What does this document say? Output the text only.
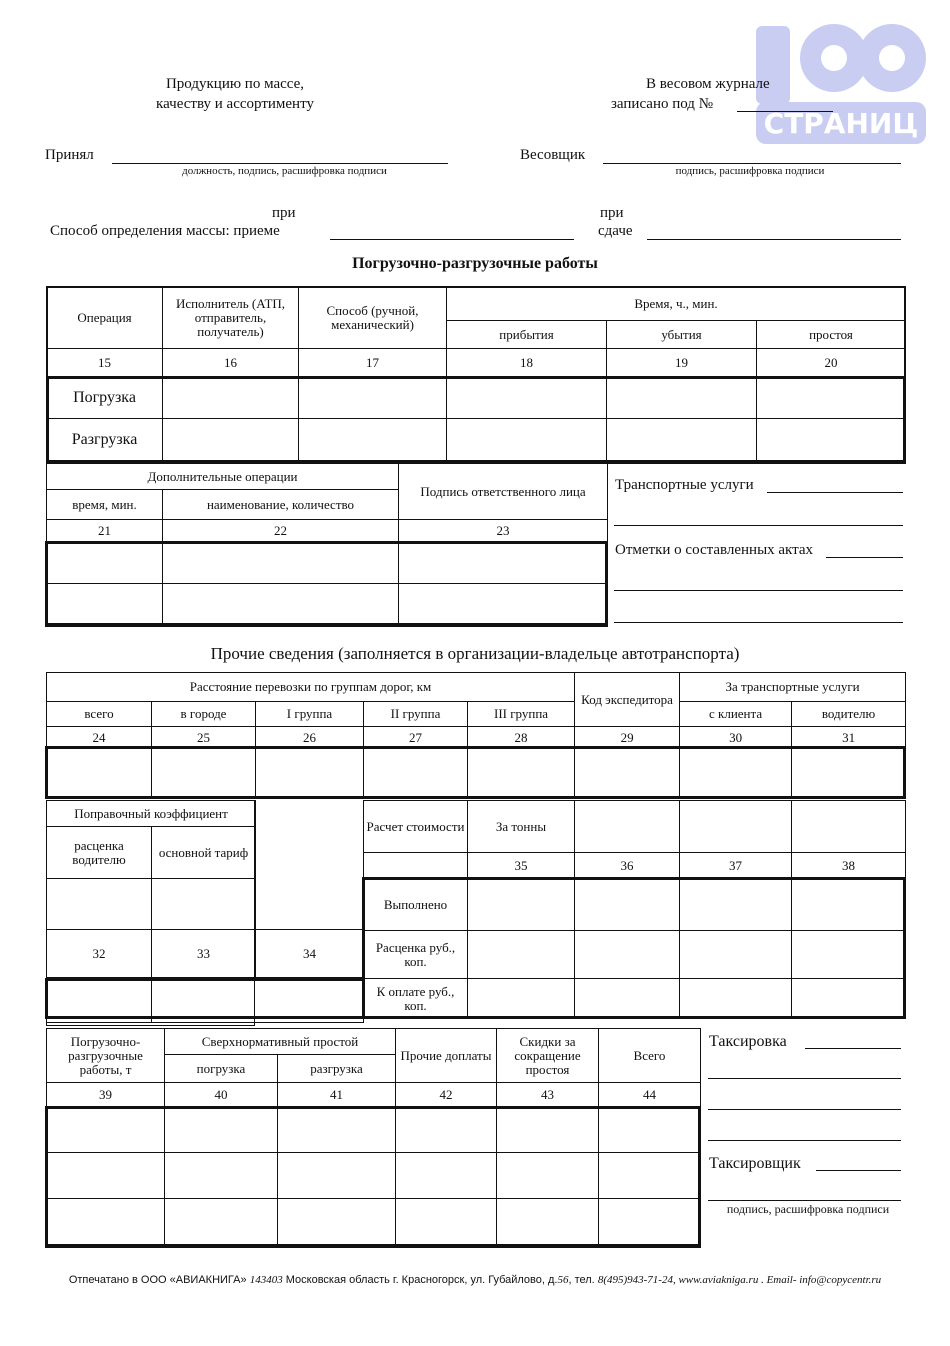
СТРАНИЦ
Продукцию по массе,
качеству и ассортименту
В весовом журнале
записано под №
Принял
должность, подпись, расшифровка подписи
Весовщик
подпись, расшифровка подписи
при
Способ определения массы: приеме
при
сдаче
Погрузочно-разгрузочные работы
Операция	Исполнитель (АТП, отправитель, получатель)	Способ (ручной, механический)	Время, ч., мин.		
			прибытия	убытия	простоя
15	16	17	18	19	20
Погрузка					
Разгрузка					
Дополнительные операции		Подпись ответственного лица
время, мин.	наименование, количество	
21	22	23

Транспортные услуги
Отметки о составленных актах
Прочие сведения (заполняется в организации-владельце автотранспорта)
Расстояние перевозки по группам дорог, км					Код экспедитора	За транспортные услуги	
всего	в городе	I группа	II группа	III группа		с клиента	водителю
24	25	26	27	28	29	30	31

Поправочный коэффициент		
расценка водителю	основной тариф	

32	33	34

Расчет стоимости	За тонны			
	35	36	37	38
Выполнено				
Расценка руб., коп.				
К оплате руб., коп.				
Погрузочно-разгрузочные работы, т	Сверхнормативный простой		Прочие доплаты	Скидки за сокращение простоя	Всего
	погрузка	разгрузка			
39	40	41	42	43	44

Таксировка
Таксировщик
подпись, расшифровка подписи
Отпечатано в ООО «АВИАКНИГА» 143403 Московская область г. Красногорск, ул. Губайлово, д.56, тел. 8(495)943-71-24, www.aviakniga.ru . Email- info@copycentr.ru
